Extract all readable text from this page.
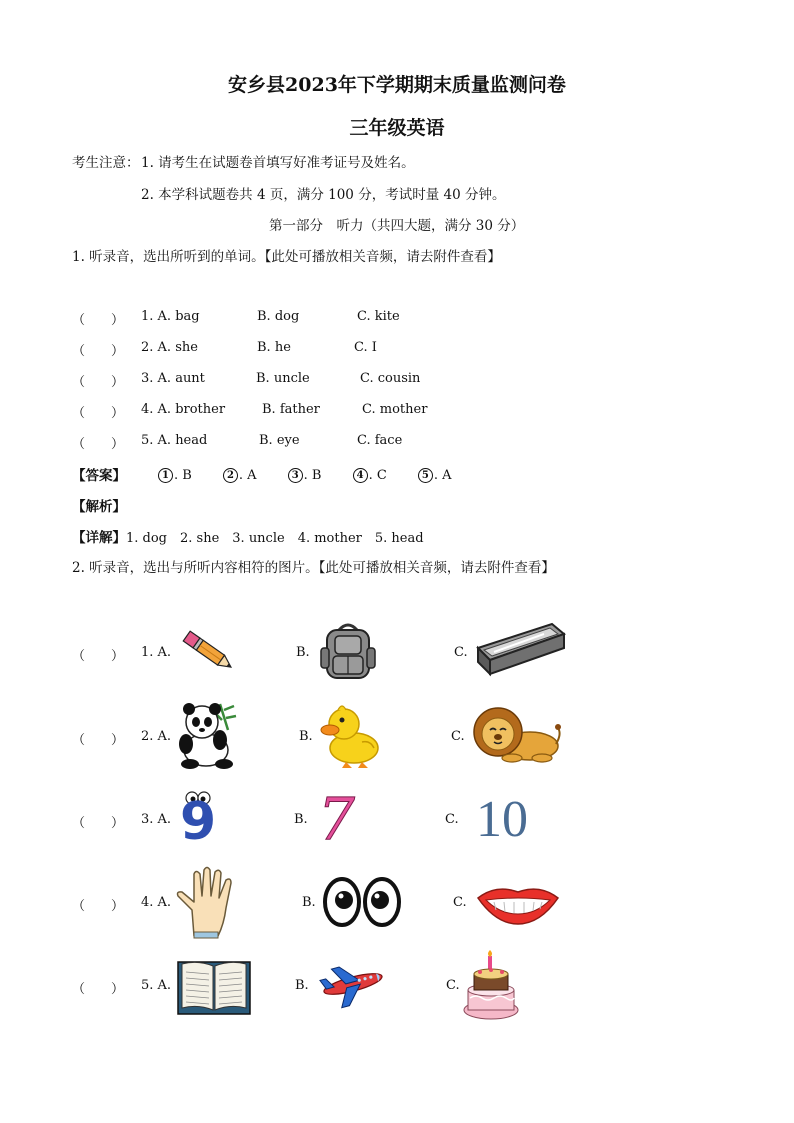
安乡县2023年下学期期末质量监测问卷
三年级英语
考生注意： 1. 请考生在试题卷首填写好准考证号及姓名。
2. 本学科试题卷共 4 页，满分 100 分，考试时量 40 分钟。
第一部分　听力（共四大题，满分 30 分）
1. 听录音，选出所听到的单词。【此处可播放相关音频，请去附件查看】
（　　） 1. A. bag	B. dog	C. kite
（　　） 2. A. she	B. he	C. I
（　　） 3. A. aunt	B. uncle	C. cousin
（　　） 4. A. brother	B. father	C. mother
（　　） 5. A. head	B. eye	C. face
【答案】	1 . B	2 . A	3 . B	4 . C	5 . A
【解析】
【详解】1. dog　2. she　3. uncle　4. mother　5. head
2. 听录音，选出与所听内容相符的图片。【此处可播放相关音频，请去附件查看】
（　　） 1. A.	B.	C.
（　　） 2. A.	B.	C.
（　　） 3. A.	B.	C.
9 7 10
（　　） 4. A.	B.	C.
（　　） 5. A.	B.	C.
